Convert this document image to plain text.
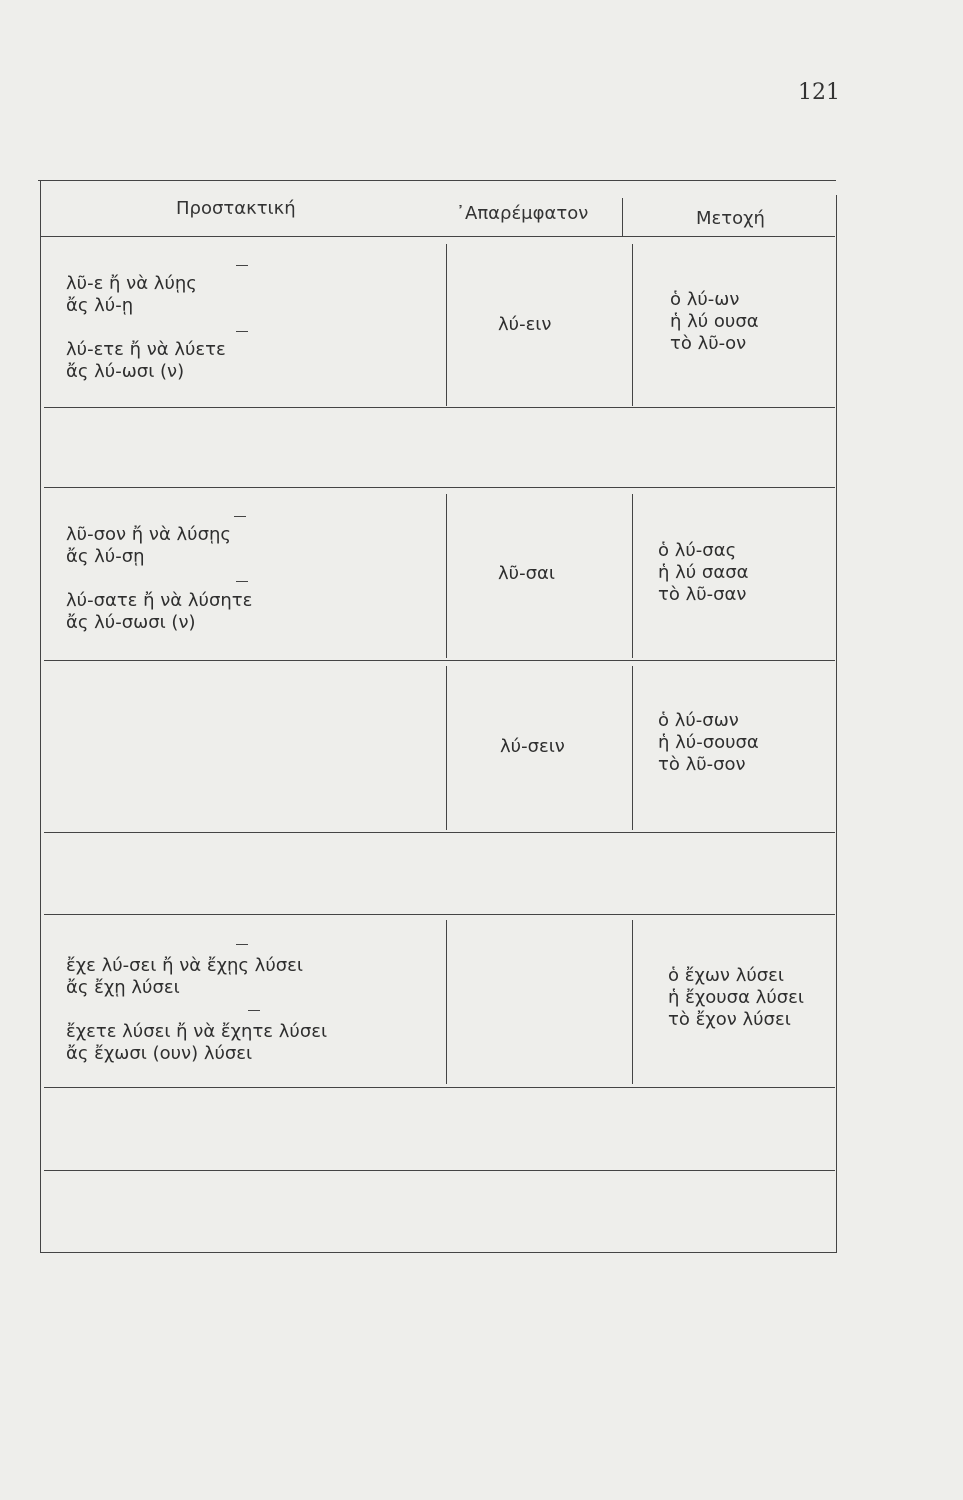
121
Προστακτική	᾿Απαρέμφατον	Μετοχή
λῦ-ε ἤ νὰ λύῃς
ἄς λύ-ῃ
λύ-ετε ἤ νὰ λύετε
ἄς λύ-ωσι (ν)
λύ-ειν
ὁ λύ-ων
ἡ λύ ουσα
τὸ λῦ-ον
λῦ-σον ἤ νὰ λύσῃς
ἄς λύ-σῃ
λύ-σατε ἤ νὰ λύσητε
ἄς λύ-σωσι (ν)
λῦ-σαι
ὁ λύ-σας
ἡ λύ σασα
τὸ λῦ-σαν
λύ-σειν
ὁ λύ-σων
ἡ λύ-σουσα
τὸ λῦ-σον
ἔχε λύ-σει ἤ νὰ ἔχῃς λύσει
ἄς ἔχῃ λύσει
ἔχετε λύσει ἤ νὰ ἔχητε λύσει
ἄς ἔχωσι (ουν) λύσει
ὁ ἔχων λύσει
ἡ ἔχουσα λύσει
τὸ ἔχον λύσει
